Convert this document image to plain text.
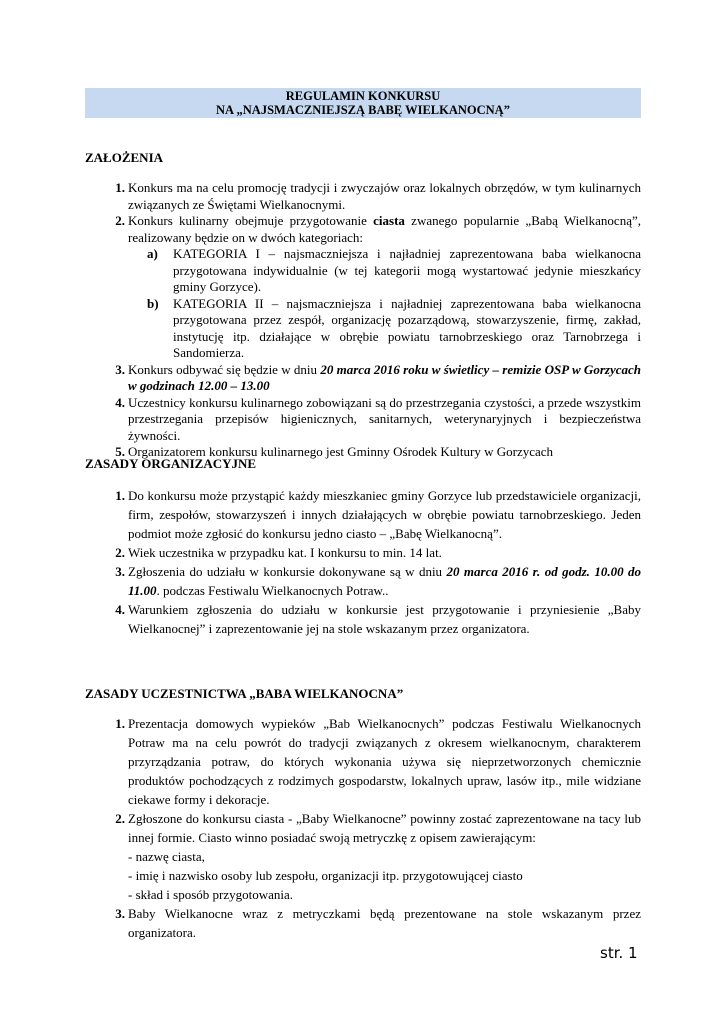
REGULAMIN KONKURSU
NA „NAJSMACZNIEJSZĄ BABĘ WIELKANOCNĄ”
ZAŁOŻENIA
1. Konkurs ma na celu promocję tradycji i zwyczajów oraz lokalnych obrzędów, w tym kulinarnych związanych ze Świętami Wielkanocnymi.
2. Konkurs kulinarny obejmuje przygotowanie ciasta zwanego popularnie „Babą Wielkanocną”, realizowany będzie on w dwóch kategoriach:
a) KATEGORIA I – najsmaczniejsza i najładniej zaprezentowana baba wielkanocna przygotowana indywidualnie (w tej kategorii mogą wystartować jedynie mieszkańcy gminy Gorzyce).
b) KATEGORIA II – najsmaczniejsza i najładniej zaprezentowana baba wielkanocna przygotowana przez zespół, organizację pozarządową, stowarzyszenie, firmę, zakład, instytucję itp. działające w obrębie powiatu tarnobrzeskiego oraz Tarnobrzega i Sandomierza.
3. Konkurs odbywać się będzie w dniu 20 marca 2016 roku w świetlicy – remizie OSP w Gorzycach w godzinach 12.00 – 13.00
4. Uczestnicy konkursu kulinarnego zobowiązani są do przestrzegania czystości, a przede wszystkim przestrzegania przepisów higienicznych, sanitarnych, weterynaryjnych i bezpieczeństwa żywności.
5. Organizatorem konkursu kulinarnego jest Gminny Ośrodek Kultury w Gorzycach
ZASADY ORGANIZACYJNE
1. Do konkursu może przystąpić każdy mieszkaniec gminy Gorzyce lub przedstawiciele organizacji, firm, zespołów, stowarzyszeń i innych działających w obrębie powiatu tarnobrzeskiego. Jeden podmiot może zgłosić do konkursu jedno ciasto – „Babę Wielkanocną”.
2. Wiek uczestnika w przypadku kat. I konkursu to min. 14 lat.
3. Zgłoszenia do udziału w konkursie dokonywane są w dniu 20 marca 2016 r. od godz. 10.00 do 11.00. podczas Festiwalu Wielkanocnych Potraw..
4. Warunkiem zgłoszenia do udziału w konkursie jest przygotowanie i przyniesienie „Baby Wielkanocnej” i zaprezentowanie jej na stole wskazanym przez organizatora.
ZASADY UCZESTNICTWA „BABA WIELKANOCNA”
1. Prezentacja domowych wypieków „Bab Wielkanocnych” podczas Festiwalu Wielkanocnych Potraw ma na celu powrót do tradycji związanych z okresem wielkanocnym, charakterem przyrządzania potraw, do których wykonania używa się nieprzetworzonych chemicznie produktów pochodzących z rodzimych gospodarstw, lokalnych upraw, lasów itp., mile widziane ciekawe formy i dekoracje.
2. Zgłoszone do konkursu ciasta - „Baby Wielkanocne” powinny zostać zaprezentowane na tacy lub innej formie. Ciasto winno posiadać swoją metryczkę z opisem zawierającym:
- nazwę ciasta,
- imię i nazwisko osoby lub zespołu, organizacji itp. przygotowującej ciasto
- skład i sposób przygotowania.
3. Baby Wielkanocne wraz z metryczkami będą prezentowane na stole wskazanym przez organizatora.
str. 1
